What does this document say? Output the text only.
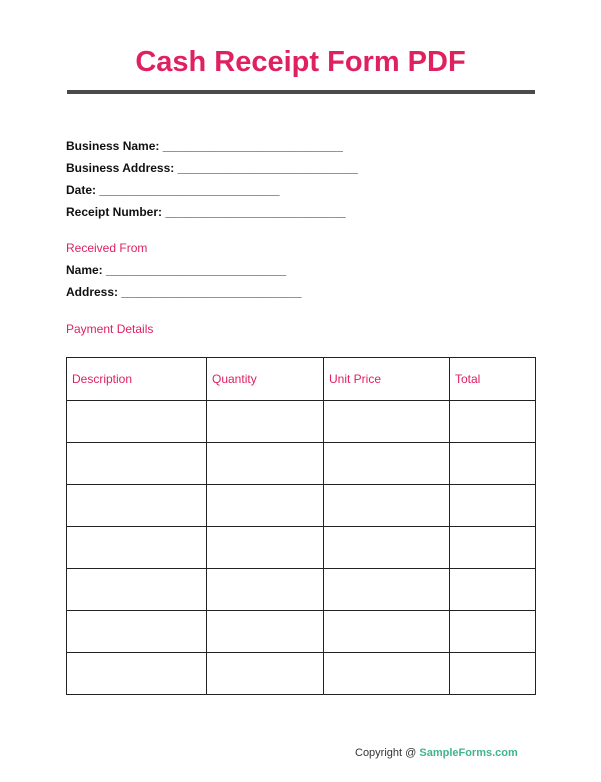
Cash Receipt Form PDF
Business Name: ___________________________
Business Address: ___________________________
Date: ___________________________
Receipt Number: ___________________________
Received From
Name: ___________________________
Address: ___________________________
Payment Details
Description	Quantity	Unit Price	Total

Copyright @ SampleForms.com
